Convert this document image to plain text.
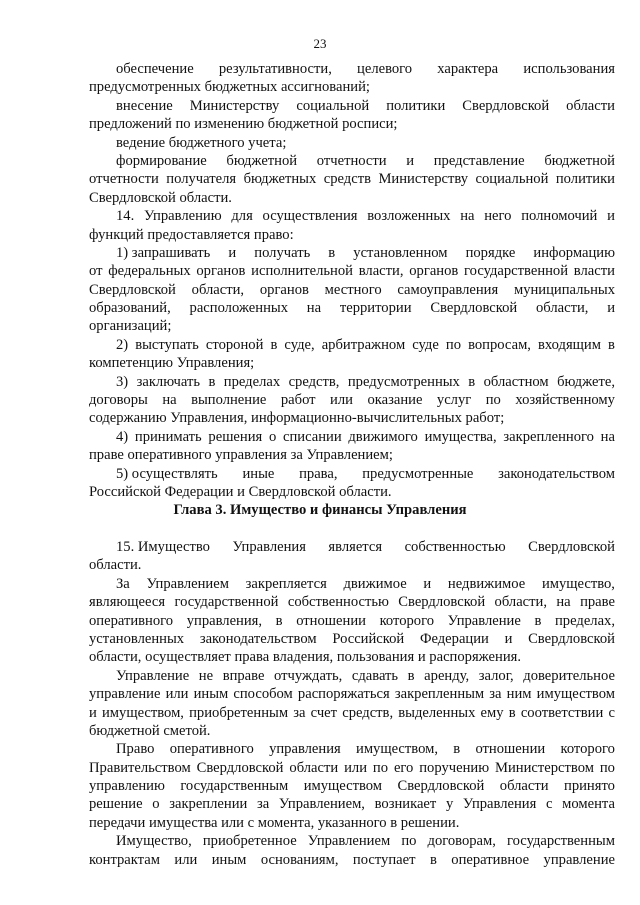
23
обеспечение результативности, целевого характера использования
предусмотренных бюджетных ассигнований;
внесение Министерству социальной политики Свердловской области
предложений по изменению бюджетной росписи;
ведение бюджетного учета;
формирование бюджетной отчетности и представление бюджетной
отчетности получателя бюджетных средств Министерству социальной политики
Свердловской области.
14. Управлению для осуществления возложенных на него полномочий и
функций предоставляется право:
1) запрашивать и получать в установленном порядке информацию
от федеральных органов исполнительной власти, органов государственной власти
Свердловской области, органов местного самоуправления муниципальных
образований, расположенных на территории Свердловской области, и
организаций;
2) выступать стороной в суде, арбитражном суде по вопросам, входящим в
компетенцию Управления;
3) заключать в пределах средств, предусмотренных в областном бюджете,
договоры на выполнение работ или оказание услуг по хозяйственному
содержанию Управления, информационно-вычислительных работ;
4) принимать решения о списании движимого имущества, закрепленного на
праве оперативного управления за Управлением;
5) осуществлять иные права, предусмотренные законодательством
Российской Федерации и Свердловской области.
Глава 3. Имущество и финансы Управления
15. Имущество Управления является собственностью Свердловской
области.
За Управлением закрепляется движимое и недвижимое имущество,
являющееся государственной собственностью Свердловской области, на праве
оперативного управления, в отношении которого Управление в пределах,
установленных законодательством Российской Федерации и Свердловской
области, осуществляет права владения, пользования и распоряжения.
Управление не вправе отчуждать, сдавать в аренду, залог, доверительное
управление или иным способом распоряжаться закрепленным за ним имуществом
и имуществом, приобретенным за счет средств, выделенных ему в соответствии с
бюджетной сметой.
Право оперативного управления имуществом, в отношении которого
Правительством Свердловской области или по его поручению Министерством по
управлению государственным имуществом Свердловской области принято
решение о закреплении за Управлением, возникает у Управления с момента
передачи имущества или с момента, указанного в решении.
Имущество, приобретенное Управлением по договорам, государственным
контрактам или иным основаниям, поступает в оперативное управление
